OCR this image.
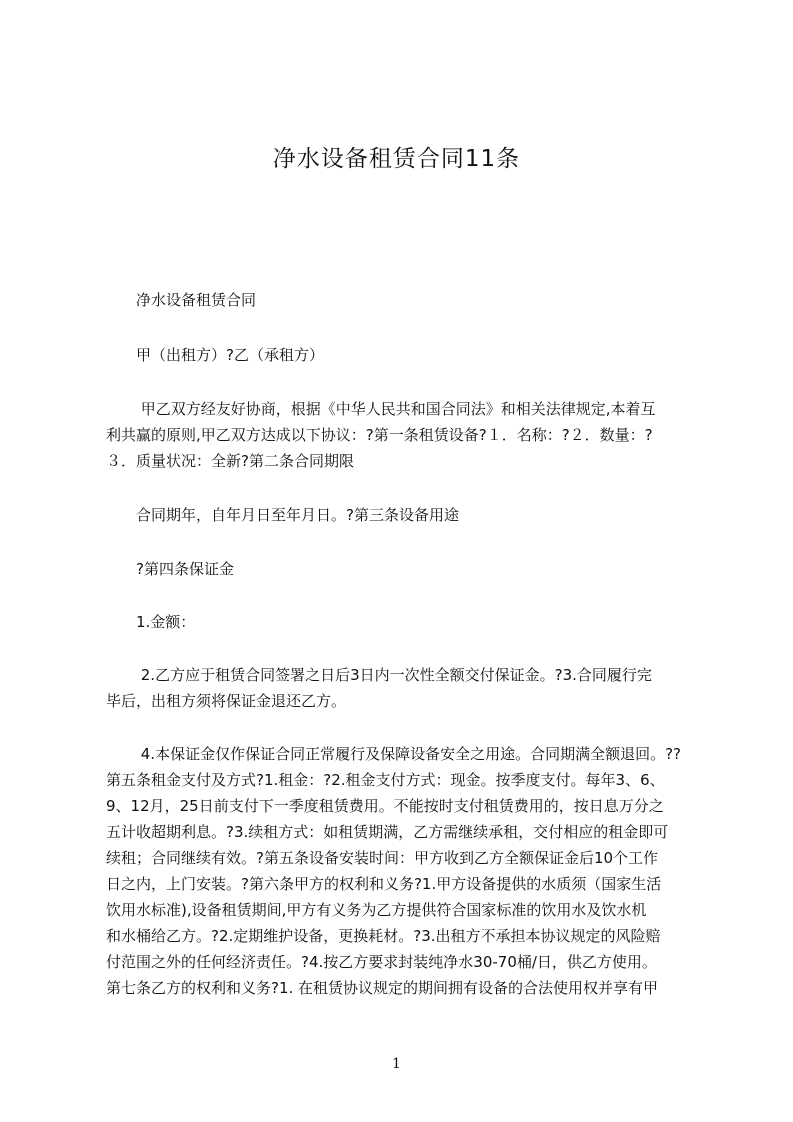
净水设备租赁合同11条
　　净水设备租赁合同
　　甲（出租方）?乙（承租方）
　　 甲乙双方经友好协商，根据《中华人民共和国合同法》和相关法律规定,本着互
利共赢的原则,甲乙双方达成以下协议：?第一条租赁设备?１．名称：?２．数量：?
３．质量状况：全新?第二条合同期限
　　合同期年，自年月日至年月日。?第三条设备用途
　　?第四条保证金
　　1.金额：
　　 2.乙方应于租赁合同签署之日后3日内一次性全额交付保证金。?3.合同履行完
毕后，出租方须将保证金退还乙方。
　　 4.本保证金仅作保证合同正常履行及保障设备安全之用途。合同期满全额退回。??
第五条租金支付及方式?1.租金：?2.租金支付方式：现金。按季度支付。每年3、6、
9、12月，25日前支付下一季度租赁费用。不能按时支付租赁费用的，按日息万分之
五计收超期利息。?3.续租方式：如租赁期满，乙方需继续承租，交付相应的租金即可
续租；合同继续有效。?第五条设备安装时间：甲方收到乙方全额保证金后10个工作
日之内，上门安装。?第六条甲方的权利和义务?1.甲方设备提供的水质须（国家生活
饮用水标准),设备租赁期间,甲方有义务为乙方提供符合国家标准的饮用水及饮水机
和水桶给乙方。?2.定期维护设备，更换耗材。?3.出租方不承担本协议规定的风险赔
付范围之外的任何经济责任。?4.按乙方要求封装纯净水30-70桶/日，供乙方使用。
第七条乙方的权利和义务?1. 在租赁协议规定的期间拥有设备的合法使用权并享有甲
1
